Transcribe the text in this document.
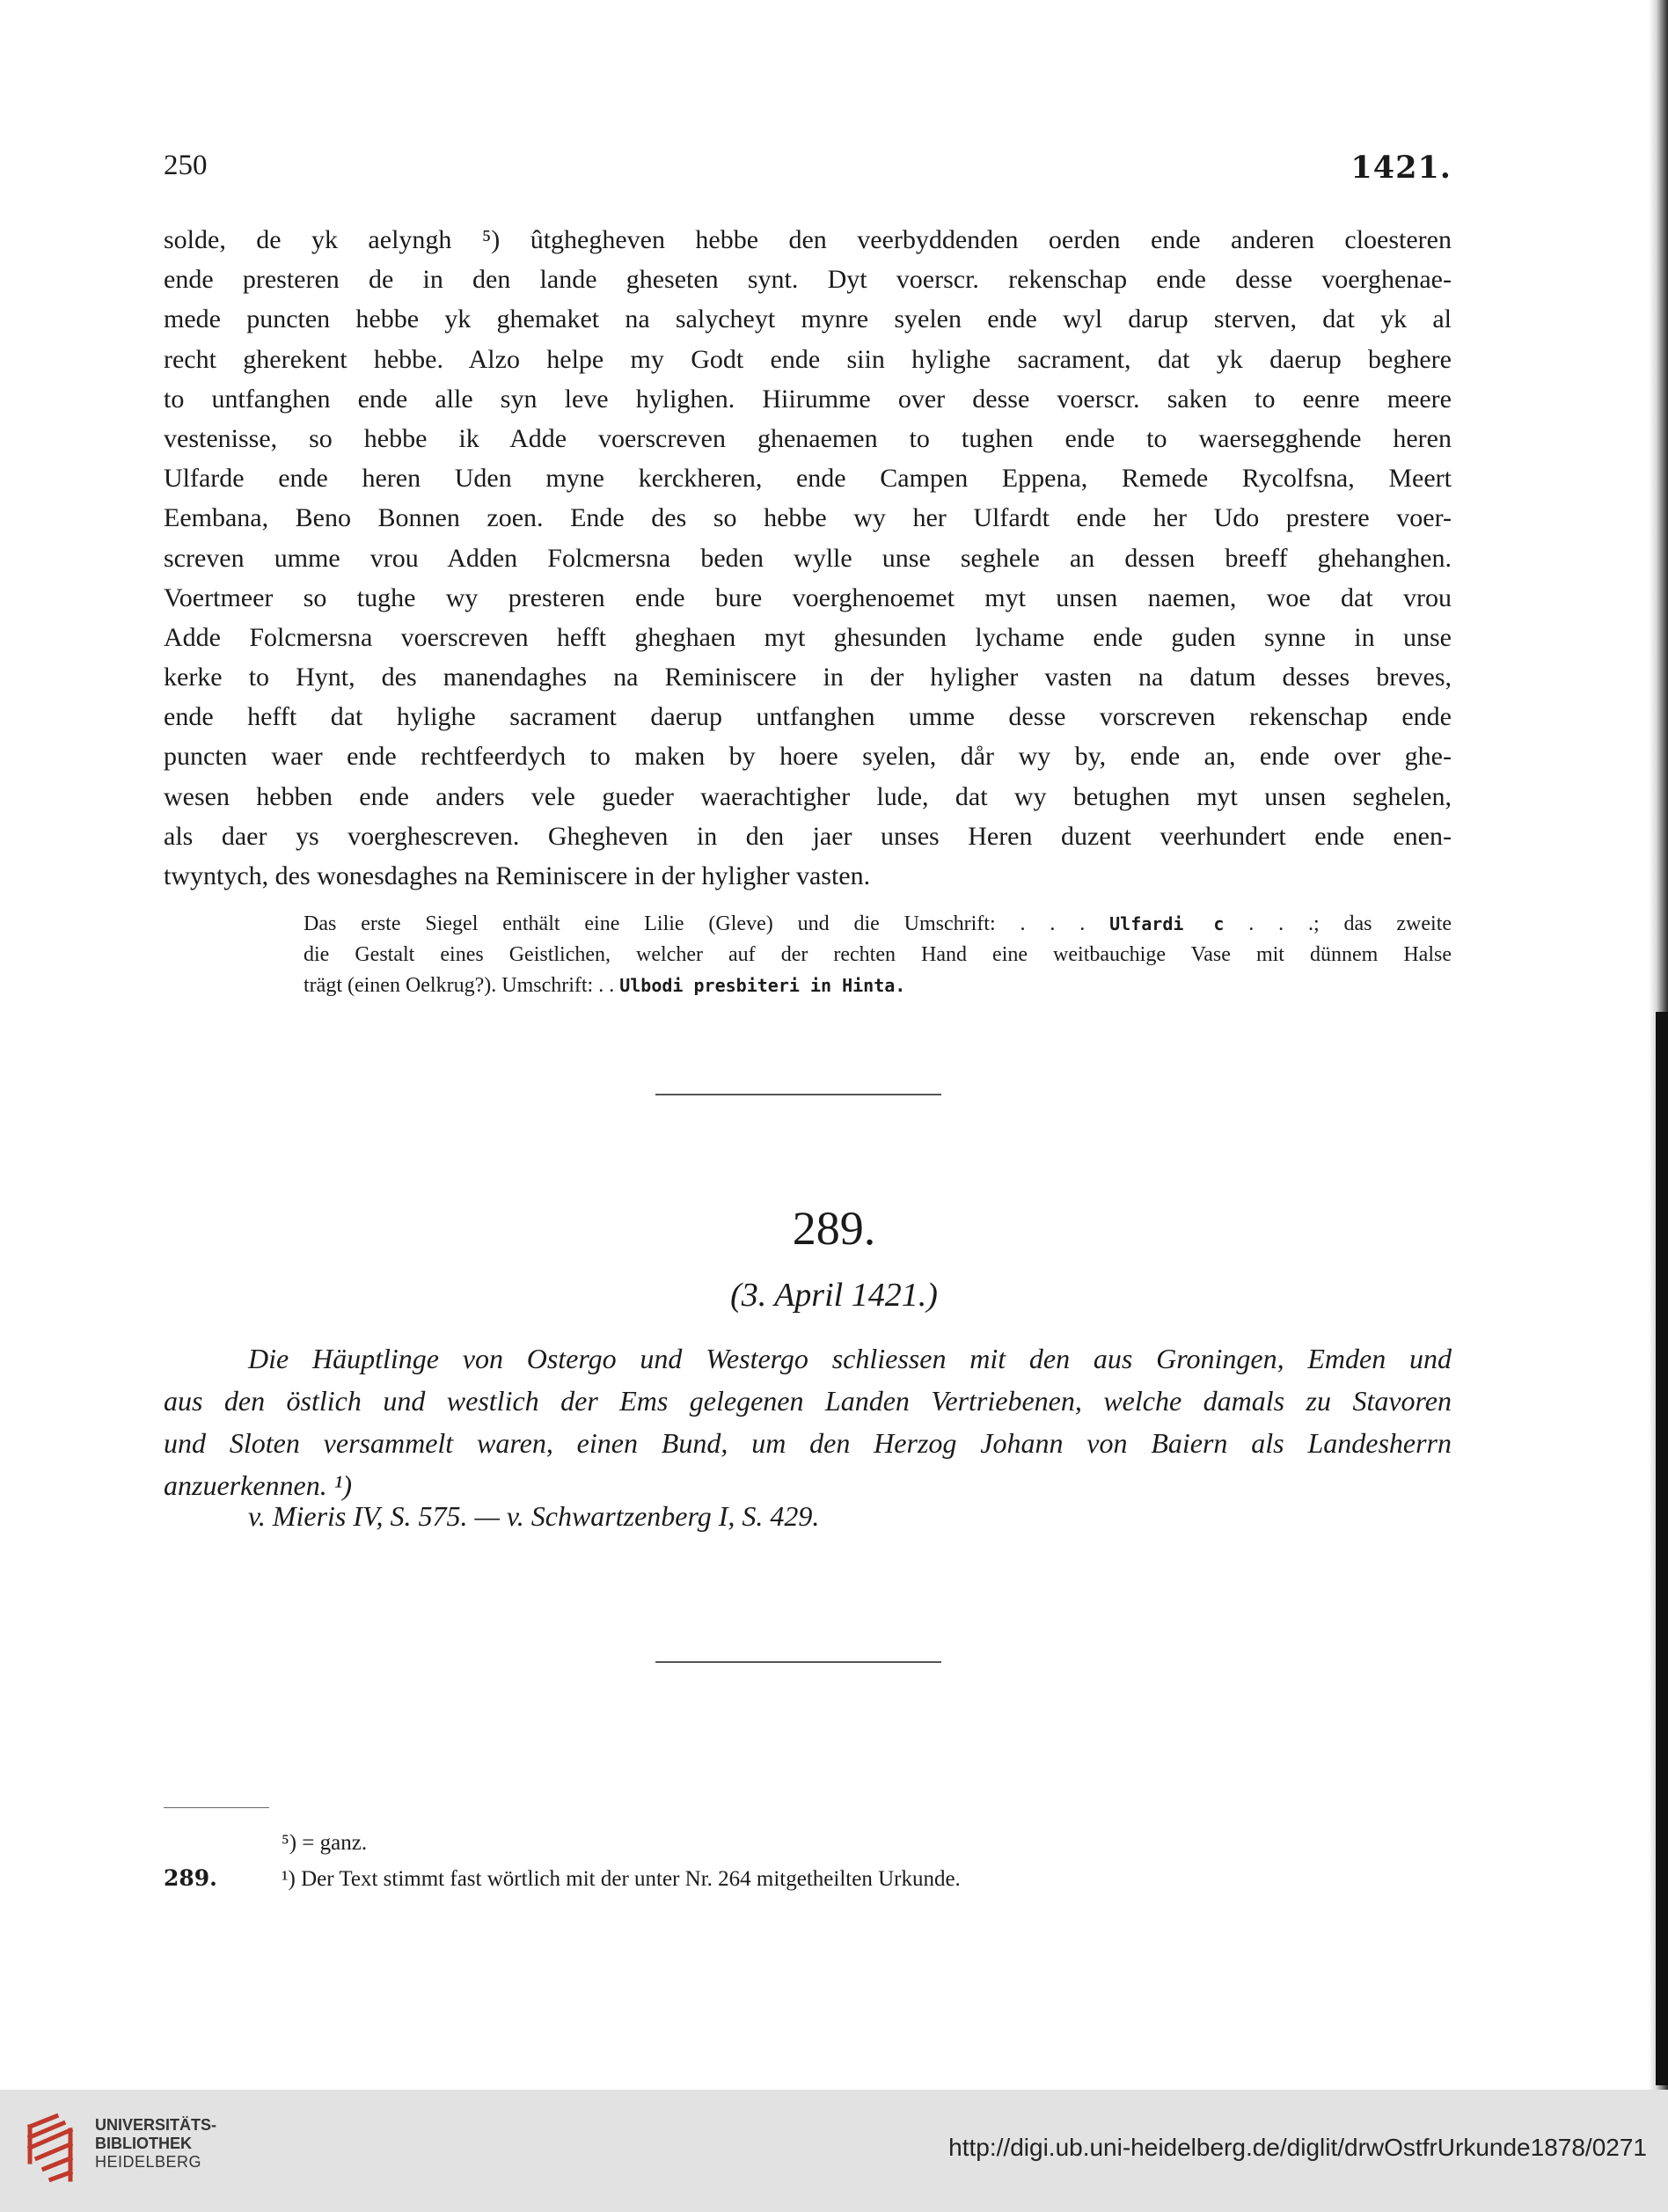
250	1421.
solde, de yk aelyngh ⁵) ûtghegheven hebbe den veerbyddenden oerden ende anderen cloesteren
ende presteren de in den lande gheseten synt. Dyt voerscr. rekenschap ende desse voerghenae-
mede puncten hebbe yk ghemaket na salycheyt mynre syelen ende wyl darup sterven, dat yk al
recht gherekent hebbe. Alzo helpe my Godt ende siin hylighe sacrament, dat yk daerup beghere
to untfanghen ende alle syn leve hylighen. Hiirumme over desse voerscr. saken to eenre meere
vestenisse, so hebbe ik Adde voerscreven ghenaemen to tughen ende to waersegghende heren
Ulfarde ende heren Uden myne kerckheren, ende Campen Eppena, Remede Rycolfsna, Meert
Eembana, Beno Bonnen zoen. Ende des so hebbe wy her Ulfardt ende her Udo prestere voer-
screven umme vrou Adden Folcmersna beden wylle unse seghele an dessen breeff ghehanghen.
Voertmeer so tughe wy presteren ende bure voerghenoemet myt unsen naemen, woe dat vrou
Adde Folcmersna voerscreven hefft gheghaen myt ghesunden lychame ende guden synne in unse
kerke to Hynt, des manendaghes na Reminiscere in der hyligher vasten na datum desses breves,
ende hefft dat hylighe sacrament daerup untfanghen umme desse vorscreven rekenschap ende
puncten waer ende rechtfeerdych to maken by hoere syelen, dår wy by, ende an, ende over ghe-
wesen hebben ende anders vele gueder waerachtigher lude, dat wy betughen myt unsen seghelen,
als daer ys voerghescreven. Ghegheven in den jaer unses Heren duzent veerhundert ende enen-
twyntych, des wonesdaghes na Reminiscere in der hyligher vasten.
Das erste Siegel enthält eine Lilie (Gleve) und die Umschrift: . . . Ulfardi c . . .; das zweite
die Gestalt eines Geistlichen, welcher auf der rechten Hand eine weitbauchige Vase mit dünnem Halse
trägt (einen Oelkrug?). Umschrift: . . Ulbodi presbiteri in Hinta.
289.
(3. April 1421.)
Die Häuptlinge von Ostergo und Westergo schliessen mit den aus Groningen, Emden und
aus den östlich und westlich der Ems gelegenen Landen Vertriebenen, welche damals zu Stavoren
und Sloten versammelt waren, einen Bund, um den Herzog Johann von Baiern als Landesherrn
anzuerkennen. ¹)
v. Mieris IV, S. 575. — v. Schwartzenberg I, S. 429.
⁵) = ganz.
289.	¹) Der Text stimmt fast wörtlich mit der unter Nr. 264 mitgetheilten Urkunde.
UNIVERSITÄTS-
BIBLIOTHEK
HEIDELBERG
http://digi.ub.uni-heidelberg.de/diglit/drwOstfrUrkunde1878/0271
